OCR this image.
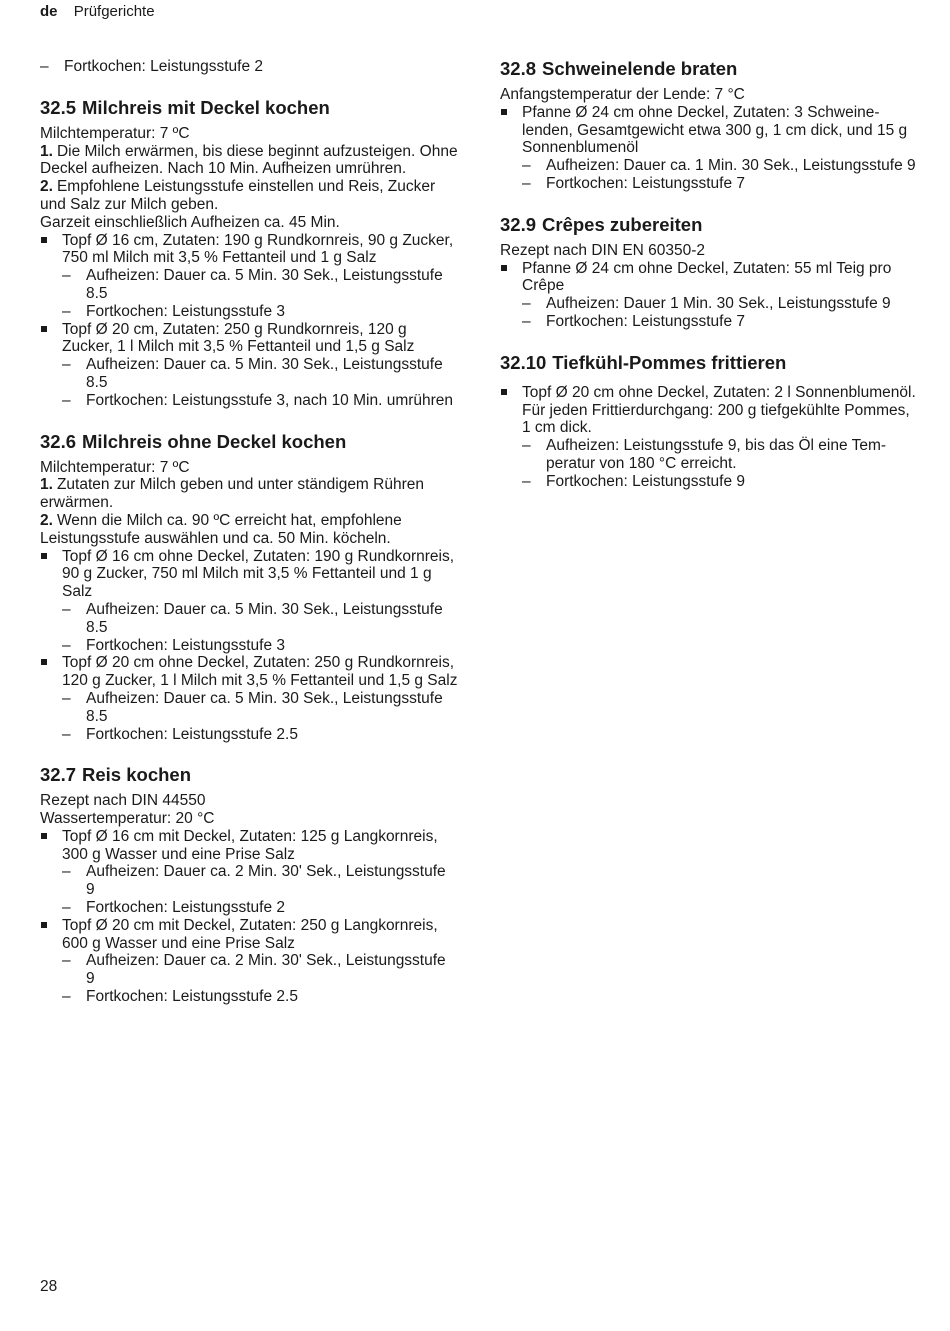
de Prüfgerichte
– Fortkochen: Leistungsstufe 2
32.5 Milchreis mit Deckel kochen

Milchtemperatur: 7 ºC

1. Die Milch erwärmen, bis diese beginnt aufzusteigen. Ohne Deckel aufheizen. Nach 10 Min. Aufheizen umrühren.
2. Empfohlene Leistungsstufe einstellen und Reis, Zucker und Salz zur Milch geben.

Garzeit einschließlich Aufheizen ca. 45 Min.

Topf Ø 16 cm, Zutaten: 190 g Rundkornreis, 90 g Zucker, 750 ml Milch mit 3,5 % Fettanteil und 1 g Salz
– Aufheizen: Dauer ca. 5 Min. 30 Sek., Leistungsstufe 8.5
– Fortkochen: Leistungsstufe 3
Topf Ø 20 cm, Zutaten: 250 g Rundkornreis, 120 g Zucker, 1 l Milch mit 3,5 % Fettanteil und 1,5 g Salz
– Aufheizen: Dauer ca. 5 Min. 30 Sek., Leistungsstufe 8.5
– Fortkochen: Leistungsstufe 3, nach 10 Min. umrühren
32.6 Milchreis ohne Deckel kochen

Milchtemperatur: 7 ºC

1. Zutaten zur Milch geben und unter ständigem Rühren erwärmen.
2. Wenn die Milch ca. 90 ºC erreicht hat, empfohlene Leistungsstufe auswählen und ca. 50 Min. köcheln.
Topf Ø 16 cm ohne Deckel, Zutaten: 190 g Rundkornreis, 90 g Zucker, 750 ml Milch mit 3,5 % Fettanteil und 1 g Salz
– Aufheizen: Dauer ca. 5 Min. 30 Sek., Leistungsstufe 8.5
– Fortkochen: Leistungsstufe 3
Topf Ø 20 cm ohne Deckel, Zutaten: 250 g Rundkornreis, 120 g Zucker, 1 l Milch mit 3,5 % Fettanteil und 1,5 g Salz
– Aufheizen: Dauer ca. 5 Min. 30 Sek., Leistungsstufe 8.5
– Fortkochen: Leistungsstufe 2.5
32.7 Reis kochen

Rezept nach DIN 44550

Wassertemperatur: 20 °C

Topf Ø 16 cm mit Deckel, Zutaten: 125 g Langkornreis, 300 g Wasser und eine Prise Salz
– Aufheizen: Dauer ca. 2 Min. 30' Sek., Leistungsstufe 9
– Fortkochen: Leistungsstufe 2
Topf Ø 20 cm mit Deckel, Zutaten: 250 g Langkornreis, 600 g Wasser und eine Prise Salz
– Aufheizen: Dauer ca. 2 Min. 30' Sek., Leistungsstufe 9
– Fortkochen: Leistungsstufe 2.5
32.8 Schweinelende braten

Anfangstemperatur der Lende: 7 °C

Pfanne Ø 24 cm ohne Deckel, Zutaten: 3 Schweinelenden, Gesamtgewicht etwa 300 g, 1 cm dick, und 15 g Sonnenblumenöl
– Aufheizen: Dauer ca. 1 Min. 30 Sek., Leistungsstufe 9
– Fortkochen: Leistungsstufe 7
32.9 Crêpes zubereiten

Rezept nach DIN EN 60350-2

Pfanne Ø 24 cm ohne Deckel, Zutaten: 55 ml Teig pro Crêpe
– Aufheizen: Dauer 1 Min. 30 Sek., Leistungsstufe 9
– Fortkochen: Leistungsstufe 7
32.10 Tiefkühl-Pommes frittieren
Topf Ø 20 cm ohne Deckel, Zutaten: 2 l Sonnenblumenöl. Für jeden Frittierdurchgang: 200 g tiefgekühlte Pommes, 1 cm dick.
– Aufheizen: Leistungsstufe 9, bis das Öl eine Temperatur von 180 °C erreicht.
– Fortkochen: Leistungsstufe 9
28
